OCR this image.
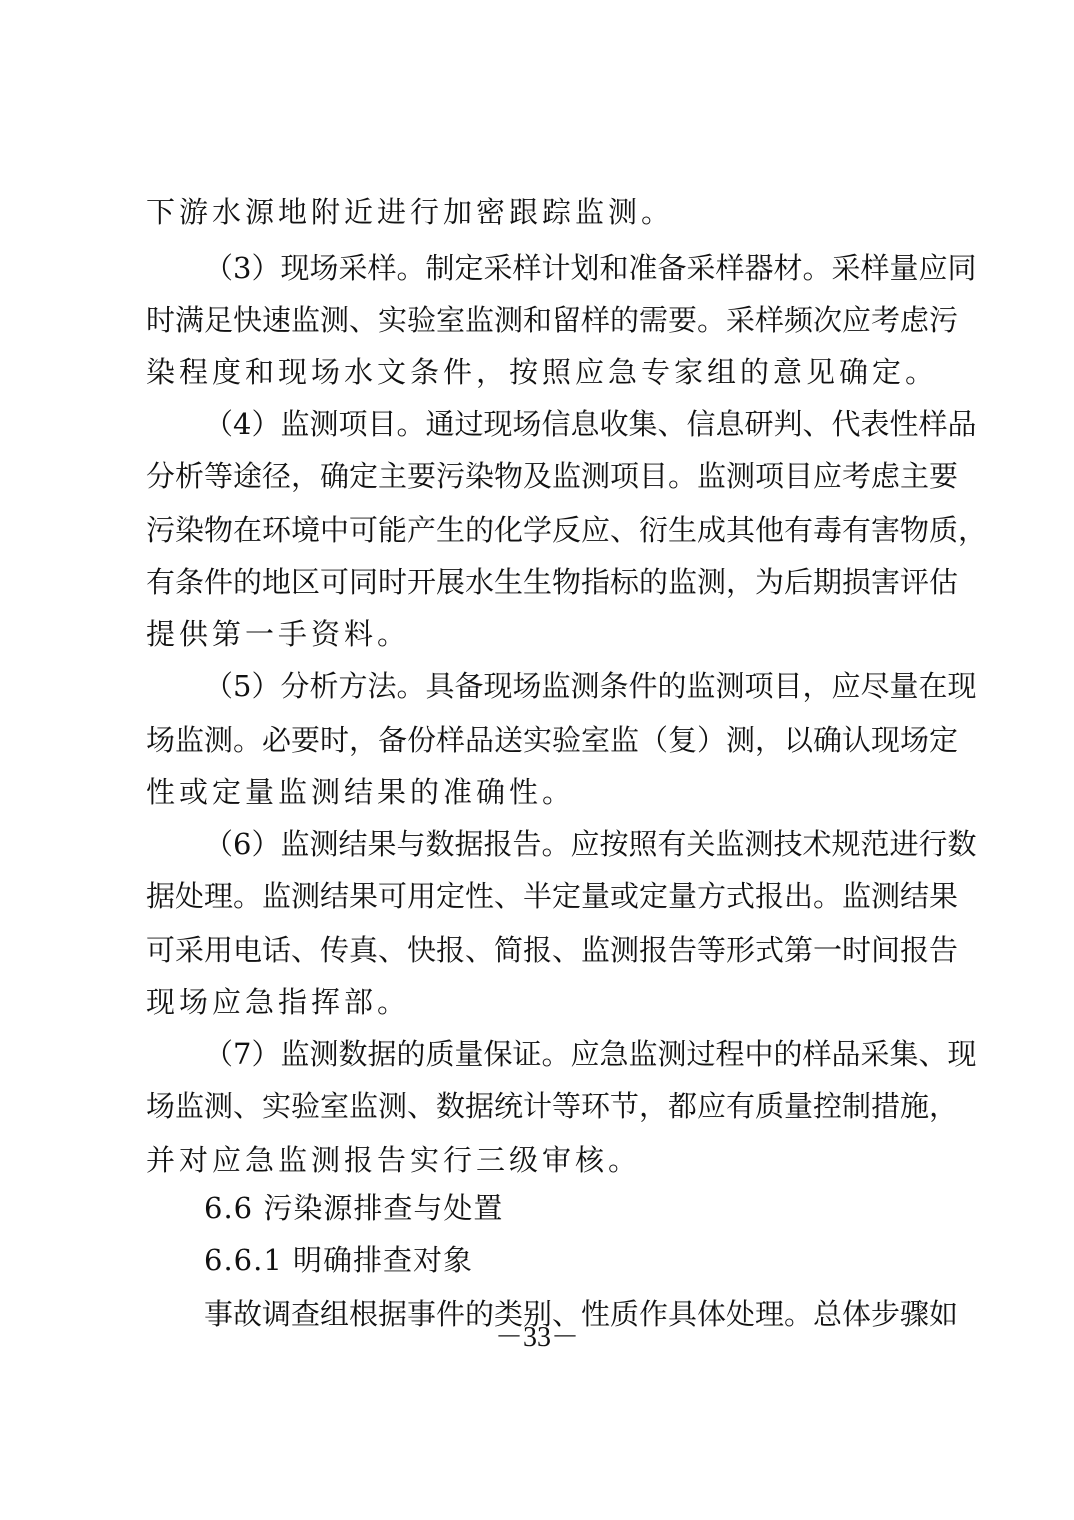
下游水源地附近进行加密跟踪监测。
（3）现场采样。制定采样计划和准备采样器材。采样量应同
时满足快速监测、实验室监测和留样的需要。采样频次应考虑污
染程度和现场水文条件，按照应急专家组的意见确定。
（4）监测项目。通过现场信息收集、信息研判、代表性样品
分析等途径，确定主要污染物及监测项目。监测项目应考虑主要
污染物在环境中可能产生的化学反应、衍生成其他有毒有害物质，
有条件的地区可同时开展水生生物指标的监测，为后期损害评估
提供第一手资料。
（5）分析方法。具备现场监测条件的监测项目，应尽量在现
场监测。必要时，备份样品送实验室监（复）测，以确认现场定
性或定量监测结果的准确性。
（6）监测结果与数据报告。应按照有关监测技术规范进行数
据处理。监测结果可用定性、半定量或定量方式报出。监测结果
可采用电话、传真、快报、简报、监测报告等形式第一时间报告
现场应急指挥部。
（7）监测数据的质量保证。应急监测过程中的样品采集、现
场监测、实验室监测、数据统计等环节，都应有质量控制措施，
并对应急监测报告实行三级审核。
6.6 污染源排查与处置
6.6.1 明确排查对象
事故调查组根据事件的类别、性质作具体处理。总体步骤如
－33－
